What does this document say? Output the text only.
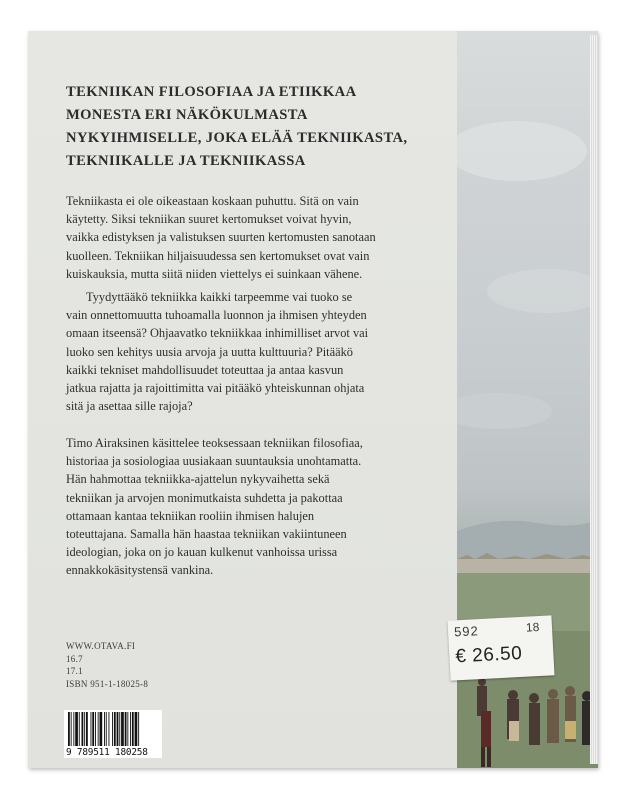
TEKNIIKAN FILOSOFIAA JA ETIIKKAA
MONESTA ERI NÄKÖKULMASTA
NYKYIHMISELLE, JOKA ELÄÄ TEKNIIKASTA,
TEKNIIKALLE JA TEKNIIKASSA
Tekniikasta ei ole oikeastaan koskaan puhuttu. Sitä on vain
käytetty. Siksi tekniikan suuret kertomukset voivat hyvin,
vaikka edistyksen ja valistuksen suurten kertomusten sanotaan
kuolleen. Tekniikan hiljaisuudessa sen kertomukset ovat vain
kuiskauksia, mutta siitä niiden viettelys ei suinkaan vähene.
Tyydyttääkö tekniikka kaikki tarpeemme vai tuoko se
vain onnettomuutta tuhoamalla luonnon ja ihmisen yhteyden
omaan itseensä? Ohjaavatko tekniikkaa inhimilliset arvot vai
luoko sen kehitys uusia arvoja ja uutta kulttuuria? Pitääkö
kaikki tekniset mahdollisuudet toteuttaa ja antaa kasvun
jatkua rajatta ja rajoittimitta vai pitääkö yhteiskunnan ohjata
sitä ja asettaa sille rajoja?
Timo Airaksinen käsittelee teoksessaan tekniikan filosofiaa,
historiaa ja sosiologiaa uusiakaan suuntauksia unohtamatta.
Hän hahmottaa tekniikka-ajattelun nykyvaihetta sekä
tekniikan ja arvojen monimutkaista suhdetta ja pakottaa
ottamaan kantaa tekniikan rooliin ihmisen halujen
toteuttajana. Samalla hän haastaa tekniikan vakiintuneen
ideologian, joka on jo kauan kulkenut vanhoissa urissa
ennakkokäsitystensä vankina.
WWW.OTAVA.FI
16.7
17.1
ISBN 951-1-18025-8
9 789511 180258
592	18
€ 26.50
